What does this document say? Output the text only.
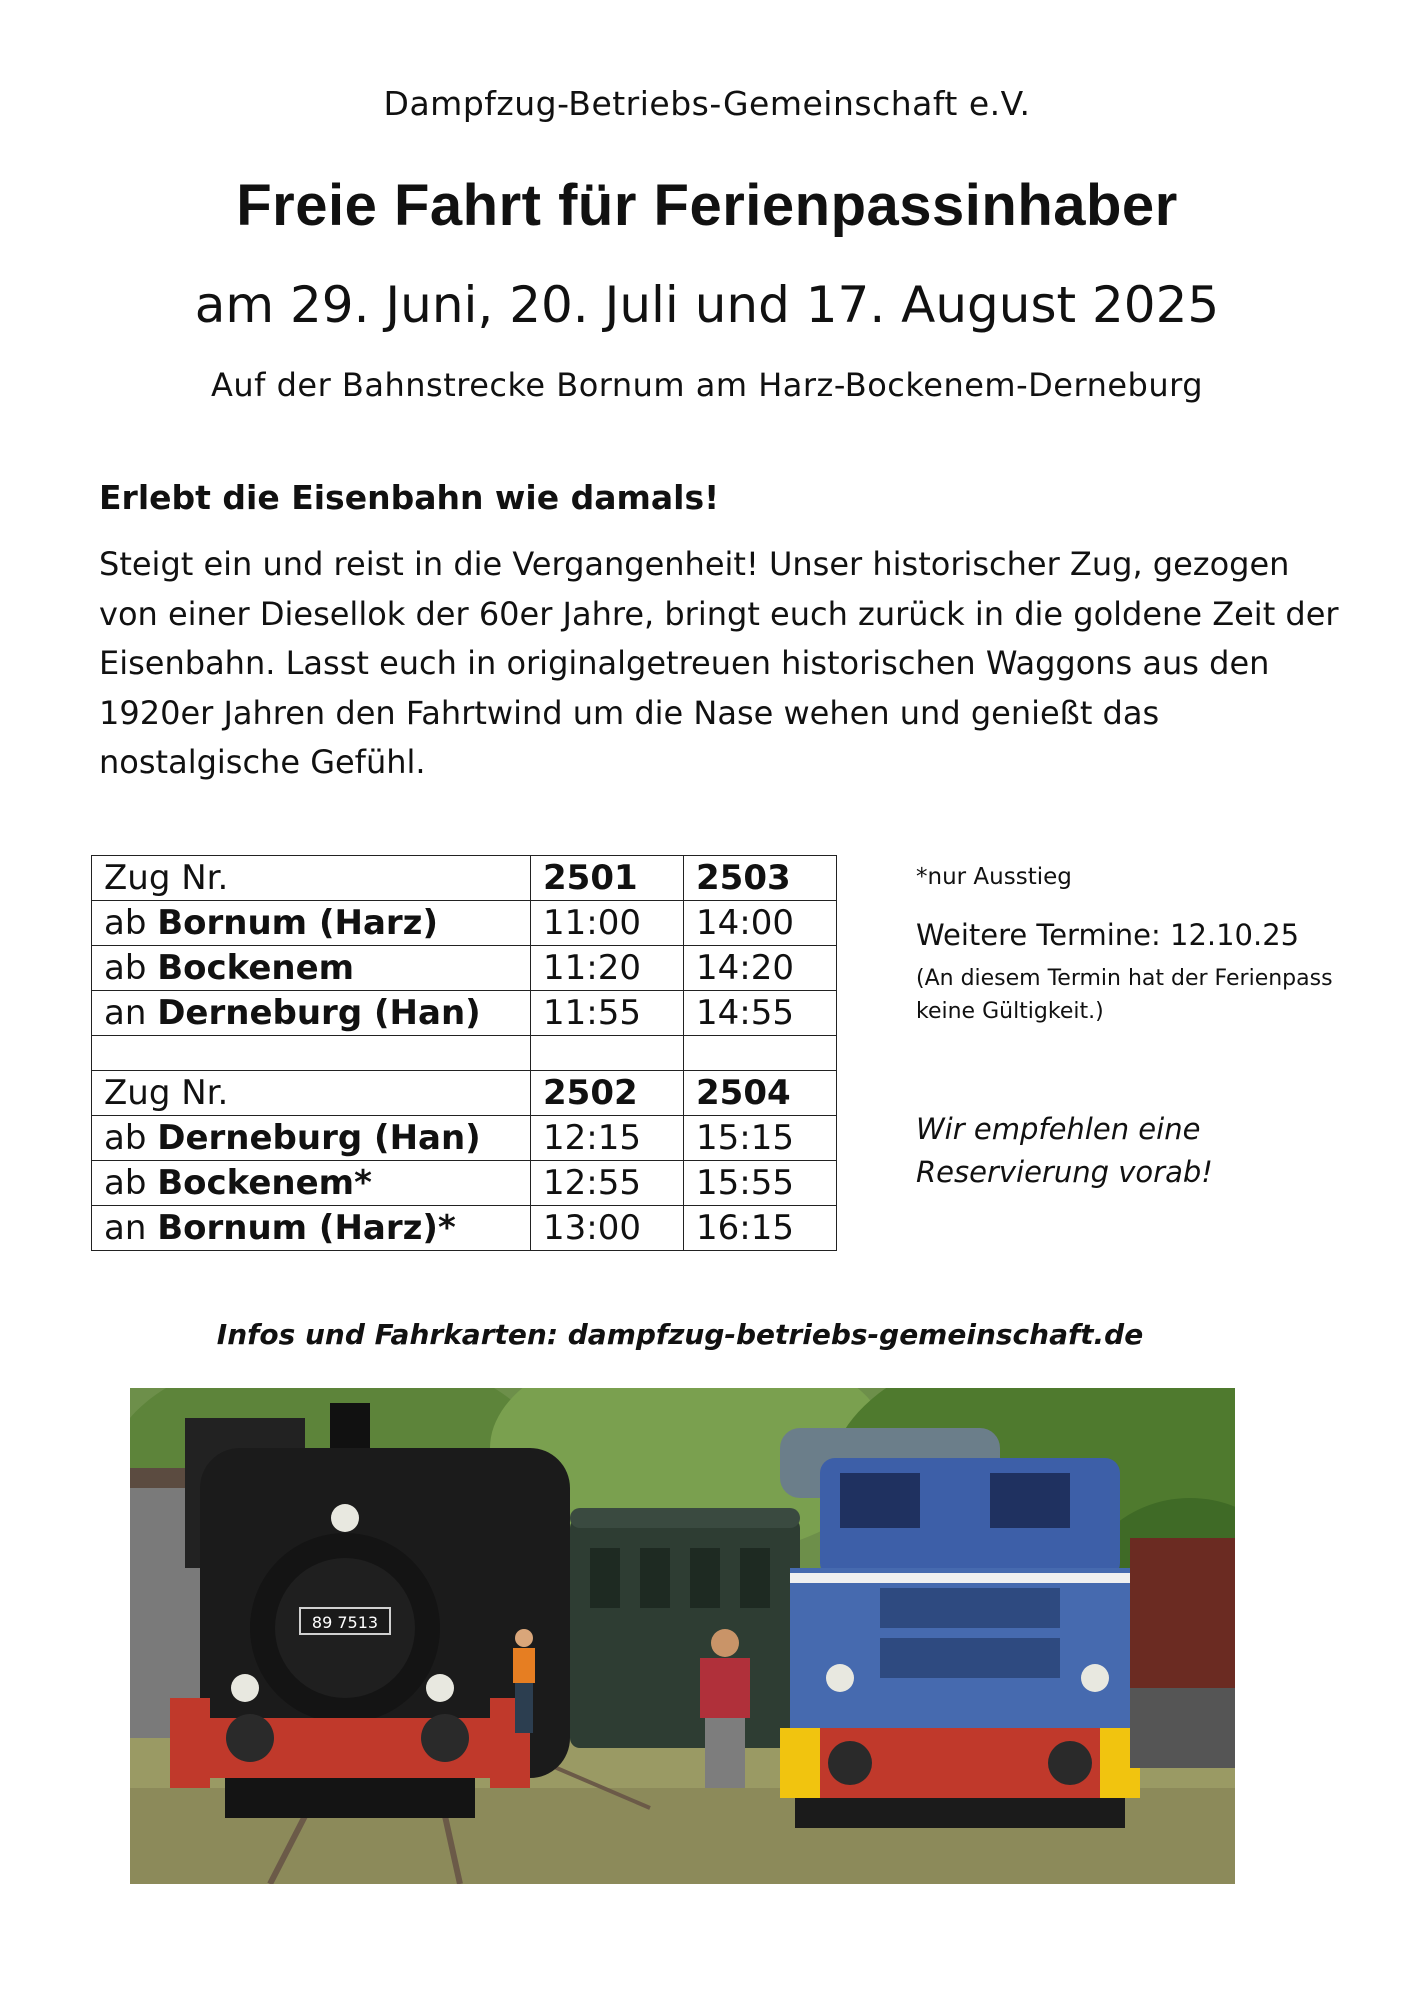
Dampfzug-Betriebs-Gemeinschaft e.V.
Freie Fahrt für Ferienpassinhaber
am 29. Juni, 20. Juli und 17. August 2025
Auf der Bahnstrecke Bornum am Harz-Bockenem-Derneburg
Erlebt die Eisenbahn wie damals!

Steigt ein und reist in die Vergangenheit! Unser historischer Zug, gezogen von einer Diesellok der 60er Jahre, bringt euch zurück in die goldene Zeit der Eisenbahn. Lasst euch in originalgetreuen historischen Waggons aus den 1920er Jahren den Fahrtwind um die Nase wehen und genießt das nostalgische Gefühl.

Zug Nr.	2501	2503
ab Bornum (Harz)	11:00	14:00
ab Bockenem	11:20	14:20
an Derneburg (Han)	11:55	14:55

Zug Nr.	2502	2504
ab Derneburg (Han)	12:15	15:15
ab Bockenem*	12:55	15:55
an Bornum (Harz)*	13:00	16:15
*nur Ausstieg
Weitere Termine: 12.10.25
(An diesem Termin hat der Ferienpass keine Gültigkeit.)
Wir empfehlen eine Reservierung vorab!
Infos und Fahrkarten: dampfzug-betriebs-gemeinschaft.de
89 7513
